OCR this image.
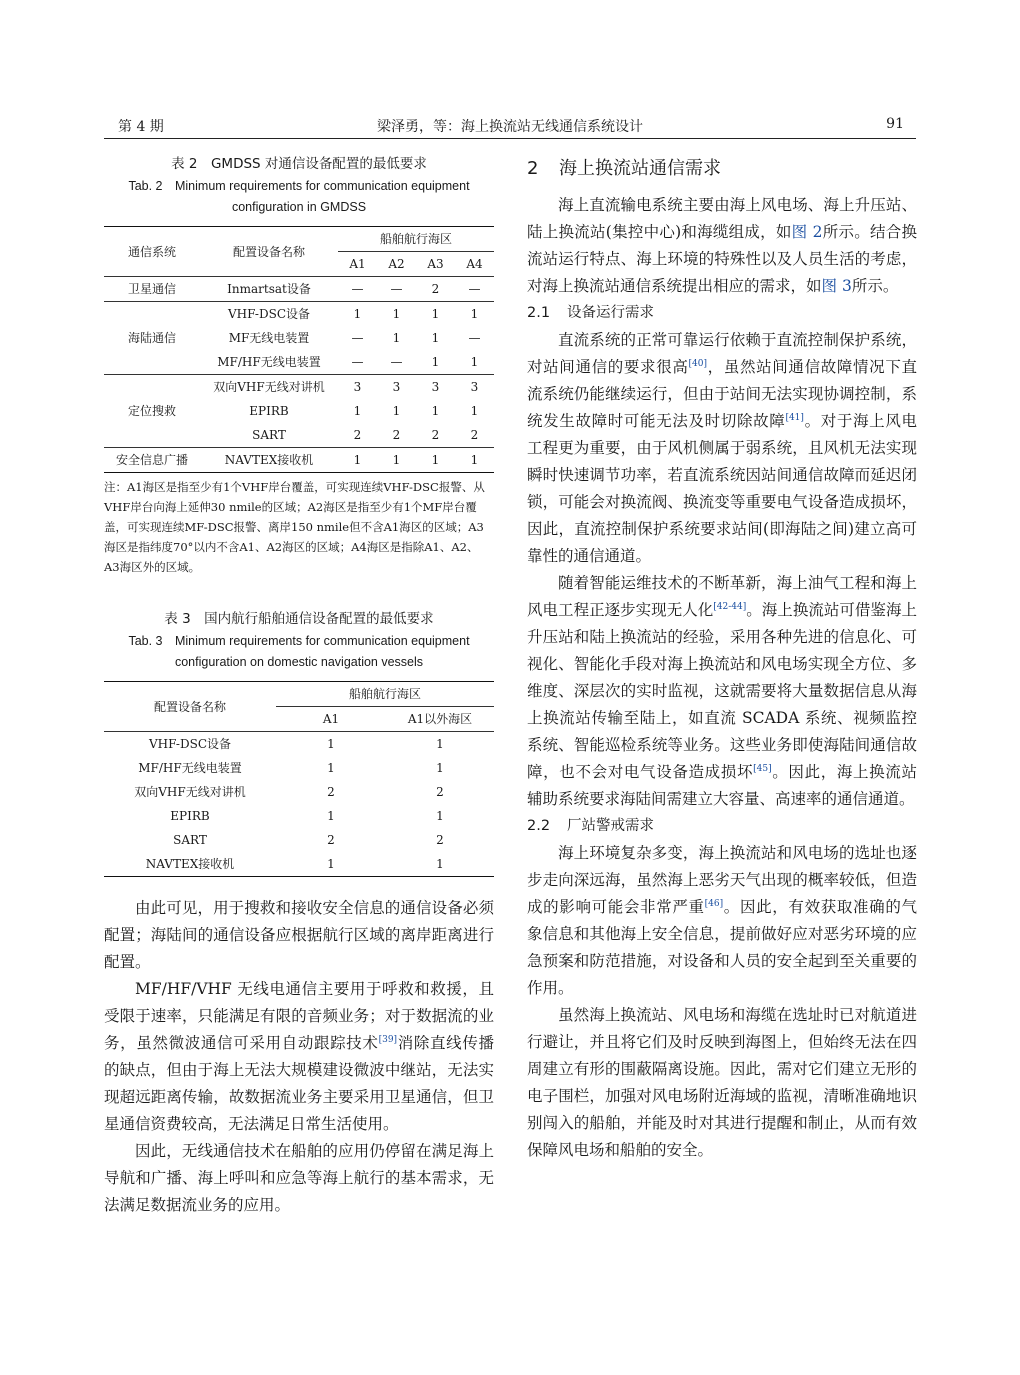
第 4 期	梁泽勇，等：海上换流站无线通信系统设计	91
表 2　GMDSS 对通信设备配置的最低要求
Tab. 2　Minimum requirements for communication equipment
configuration in GMDSS
通信系统	配置设备名称	船舶航行海区			
		A1	A2	A3	A4
卫星通信	Inmartsat设备	—	—	2	—
海陆通信	VHF-DSC设备	1	1	1	1
	MF无线电装置	—	1	1	—
	MF/HF无线电装置	—	—	1	1
定位搜救	双向VHF无线对讲机	3	3	3	3
	EPIRB	1	1	1	1
	SART	2	2	2	2
安全信息广播	NAVTEX接收机	1	1	1	1
注：A1海区是指至少有1个VHF岸台覆盖，可实现连续VHF-DSC报警、从VHF岸台向海上延伸30 nmile的区域；A2海区是指至少有1个MF岸台覆盖，可实现连续MF-DSC报警、离岸150 nmile但不含A1海区的区域；A3海区是指纬度70°以内不含A1、A2海区的区域；A4海区是指除A1、A2、A3海区外的区域。
表 3　国内航行船舶通信设备配置的最低要求
Tab. 3　Minimum requirements for communication equipment
configuration on domestic navigation vessels
配置设备名称	船舶航行海区	
	A1	A1以外海区
VHF-DSC设备	1	1
MF/HF无线电装置	1	1
双向VHF无线对讲机	2	2
EPIRB	1	1
SART	2	2
NAVTEX接收机	1	1

由此可见，用于搜救和接收安全信息的通信设备必须配置；海陆间的通信设备应根据航行区域的离岸距离进行配置。

MF/HF/VHF 无线电通信主要用于呼救和救援，且受限于速率，只能满足有限的音频业务；对于数据流的业务，虽然微波通信可采用自动跟踪技术[39]消除直线传播的缺点，但由于海上无法大规模建设微波中继站，无法实现超远距离传输，故数据流业务主要采用卫星通信，但卫星通信资费较高，无法满足日常生活使用。

因此，无线通信技术在船舶的应用仍停留在满足海上导航和广播、海上呼叫和应急等海上航行的基本需求，无法满足数据流业务的应用。

2 海上换流站通信需求

海上直流输电系统主要由海上风电场、海上升压站、陆上换流站(集控中心)和海缆组成，如图 2所示。结合换流站运行特点、海上环境的特殊性以及人员生活的考虑，对海上换流站通信系统提出相应的需求，如图 3所示。

2.1 设备运行需求

直流系统的正常可靠运行依赖于直流控制保护系统，对站间通信的要求很高[40]，虽然站间通信故障情况下直流系统仍能继续运行，但由于站间无法实现协调控制，系统发生故障时可能无法及时切除故障[41]。对于海上风电工程更为重要，由于风机侧属于弱系统，且风机无法实现瞬时快速调节功率，若直流系统因站间通信故障而延迟闭锁，可能会对换流阀、换流变等重要电气设备造成损坏，因此，直流控制保护系统要求站间(即海陆之间)建立高可靠性的通信通道。

随着智能运维技术的不断革新，海上油气工程和海上风电工程正逐步实现无人化[42-44]。海上换流站可借鉴海上升压站和陆上换流站的经验，采用各种先进的信息化、可视化、智能化手段对海上换流站和风电场实现全方位、多维度、深层次的实时监视，这就需要将大量数据信息从海上换流站传输至陆上，如直流 SCADA 系统、视频监控系统、智能巡检系统等业务。这些业务即使海陆间通信故障，也不会对电气设备造成损坏[45]。因此，海上换流站辅助系统要求海陆间需建立大容量、高速率的通信通道。

2.2 厂站警戒需求

海上环境复杂多变，海上换流站和风电场的选址也逐步走向深远海，虽然海上恶劣天气出现的概率较低，但造成的影响可能会非常严重[46]。因此，有效获取准确的气象信息和其他海上安全信息，提前做好应对恶劣环境的应急预案和防范措施，对设备和人员的安全起到至关重要的作用。

虽然海上换流站、风电场和海缆在选址时已对航道进行避让，并且将它们及时反映到海图上，但始终无法在四周建立有形的围蔽隔离设施。因此，需对它们建立无形的电子围栏，加强对风电场附近海域的监视，清晰准确地识别闯入的船舶，并能及时对其进行提醒和制止，从而有效保障风电场和船舶的安全。
